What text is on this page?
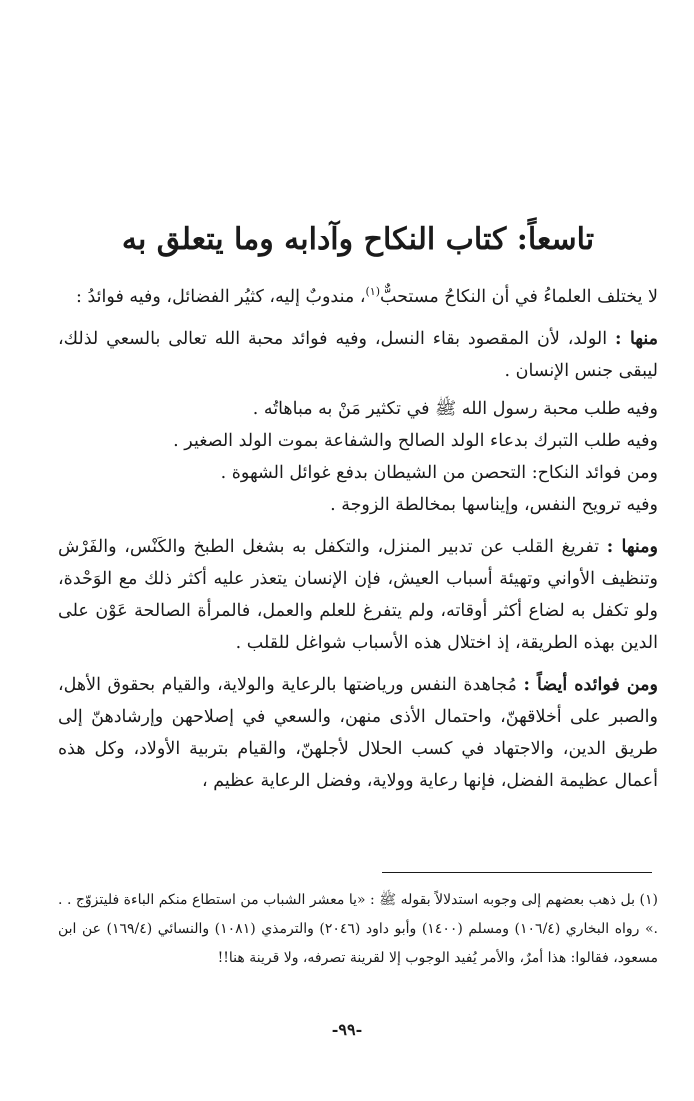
تاسعاً: كتاب النكاح وآدابه وما يتعلق به

لا يختلف العلماءُ في أن النكاحُ مستحبٌّ$^{(١)}$، مندوبٌ إليه، كثيُر الفضائل، وفيه فوائدُ :

منها : الولد، لأن المقصود بقاء النسل، وفيه فوائد محبة الله تعالى بالسعي لذلك، ليبقى جنس الإنسان .

وفيه طلب محبة رسول الله ﷺ في تكثير مَنْ به مباهاتُه .

وفيه طلب التبرك بدعاء الولد الصالح والشفاعة بموت الولد الصغير .

ومن فوائد النكاح: التحصن من الشيطان بدفع غوائل الشهوة .

وفيه ترويح النفس، وإيناسها بمخالطة الزوجة .

ومنها : تفريغ القلب عن تدبير المنزل، والتكفل به بشغل الطبخ والكَنْس، والفَرْش وتنظيف الأواني وتهيئة أسباب العيش، فإن الإنسان يتعذر عليه أكثر ذلك مع الوَحْدة، ولو تكفل به لضاع أكثر أوقاته، ولم يتفرغ للعلم والعمل، فالمرأة الصالحة عَوْن على الدين بهذه الطريقة، إذ اختلال هذه الأسباب شواغل للقلب .

ومن فوائده أيضاً : مُجاهدة النفس ورياضتها بالرعاية والولاية، والقيام بحقوق الأهل، والصبر على أخلاقهنّ، واحتمال الأذى منهن، والسعي في إصلاحهن وإرشادهنّ إلى طريق الدين، والاجتهاد في كسب الحلال لأجلهنّ، والقيام بتربية الأولاد، وكل هذه أعمال عظيمة الفضل، فإنها رعاية وولاية، وفضل الرعاية عظيم ،

(١) بل ذهب بعضهم إلى وجوبه استدلالاً بقوله ﷺ : «يا معشر الشباب من استطاع منكم الباءة فليتزوّج . . .» رواه البخاري (١٠٦/٤) ومسلم (١٤٠٠) وأبو داود (٢٠٤٦) والترمذي (١٠٨١) والنسائي (١٦٩/٤) عن ابن مسعود، فقالوا: هذا أمرٌ، والأمر يُفيد الوجوب إلا لقرينة تصرفه، ولا قرينة هنا!!
-٩٩-
